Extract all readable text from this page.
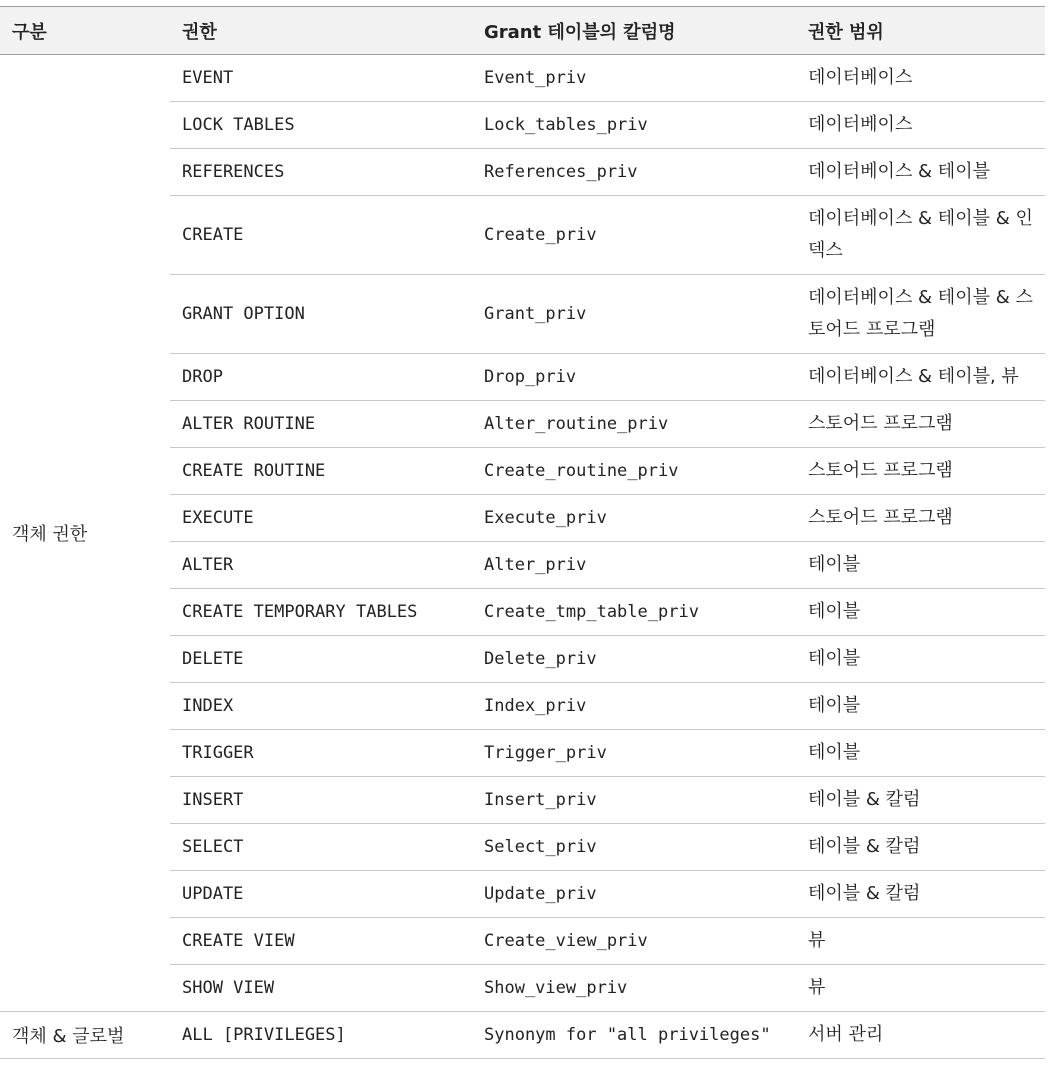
구분	권한	Grant 테이블의 칼럼명	권한 범위
객체 권한	EVENT	Event_priv	데이터베이스
	LOCK TABLES	Lock_tables_priv	데이터베이스
	REFERENCES	References_priv	데이터베이스 & 테이블
	CREATE	Create_priv	데이터베이스 & 테이블 & 인덱스
	GRANT OPTION	Grant_priv	데이터베이스 & 테이블 & 스토어드 프로그램
	DROP	Drop_priv	데이터베이스 & 테이블, 뷰
	ALTER ROUTINE	Alter_routine_priv	스토어드 프로그램
	CREATE ROUTINE	Create_routine_priv	스토어드 프로그램
	EXECUTE	Execute_priv	스토어드 프로그램
	ALTER	Alter_priv	테이블
	CREATE TEMPORARY TABLES	Create_tmp_table_priv	테이블
	DELETE	Delete_priv	테이블
	INDEX	Index_priv	테이블
	TRIGGER	Trigger_priv	테이블
	INSERT	Insert_priv	테이블 & 칼럼
	SELECT	Select_priv	테이블 & 칼럼
	UPDATE	Update_priv	테이블 & 칼럼
	CREATE VIEW	Create_view_priv	뷰
	SHOW VIEW	Show_view_priv	뷰
객체 & 글로벌	ALL [PRIVILEGES]	Synonym for "all privileges"	서버 관리
